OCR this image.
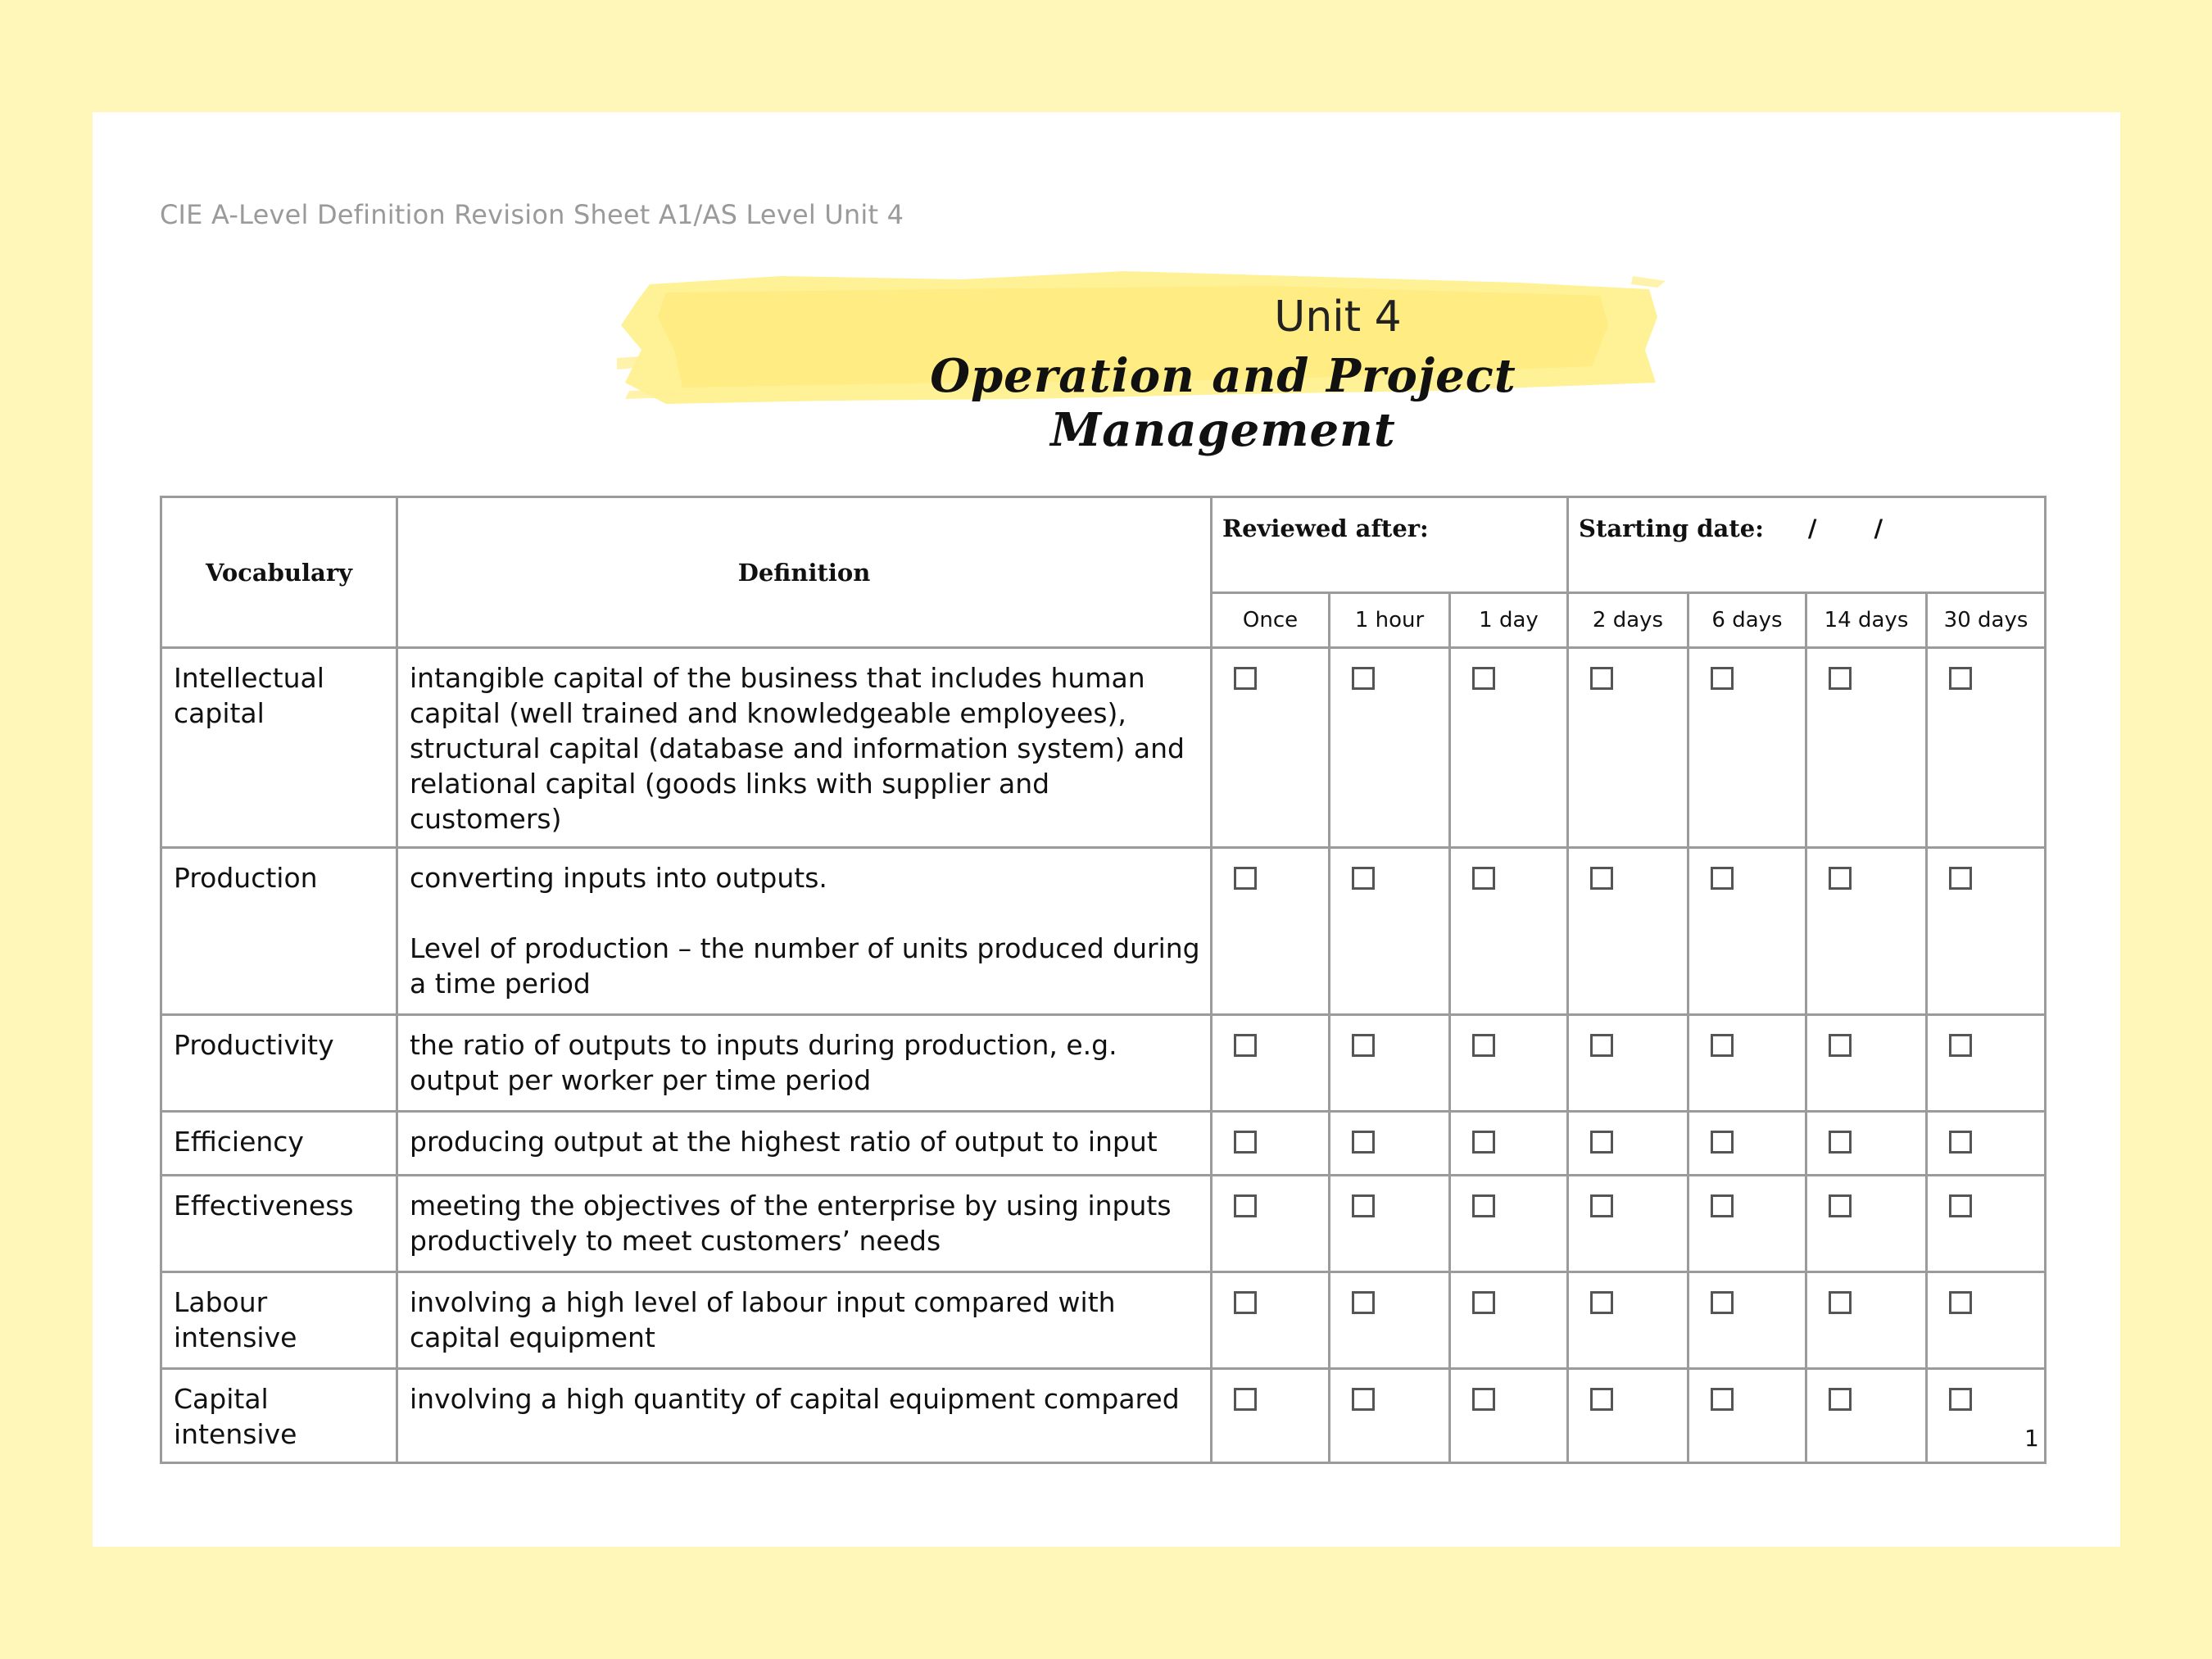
CIE A-Level Definition Revision Sheet A1/AS Level Unit 4
Unit 4
Operation and Project Management
Vocabulary	Definition	Reviewed after:			Starting date: / /			
		Once	1 hour	1 day	2 days	6 days	14 days	30 days
Intellectual capital	intangible capital of the business that includes human capital (well trained and knowledgeable employees), structural capital (database and information system) and relational capital (goods links with supplier and customers)	

Production	converting inputs into outputs.
Level of production – the number of units produced during a time period							

Productivity	the ratio of outputs to inputs during production, e.g. output per worker per time period	

Efficiency	producing output at the highest ratio of output to input	

Effectiveness	meeting the objectives of the enterprise by using inputs productively to meet customers’ needs	

Labour intensive	involving a high level of labour input compared with capital equipment	

Capital intensive	involving a high quantity of capital equipment compared	

1
